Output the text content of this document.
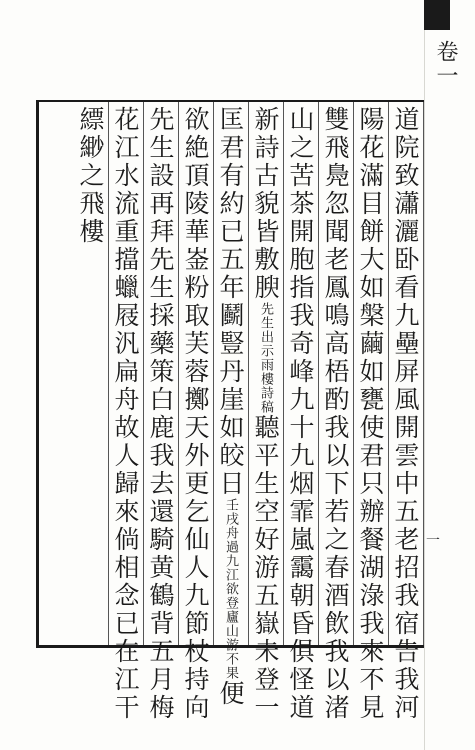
道院致瀟灑卧看九壘屏風開雲中五老招我宿告我河
陽花滿目餅大如槃繭如甕使君只辦餐湖淥我來不見
雙飛鳧忽聞老鳳鳴高梧酌我以下若之春酒飲我以渚
山之苦茶開胞指我奇峰九十九烟霏嵐靄朝昏俱怪道
新詩古貌皆敷腴先生出示雨樓詩稿聽平生空好游五嶽未登一
匡君有約已五年鬬豎丹崖如皎日壬戌舟過九江欲登廬山游不果便
欲絶頂陵華崟粉取芙蓉擲天外更乞仙人九節杖持向
先生設再拜先生採藥策白鹿我去還騎黄鶴背五月梅
花江水流重擋蠟屐汎扁舟故人歸來倘相念已在江干
縹緲之飛樓
卷一
一
